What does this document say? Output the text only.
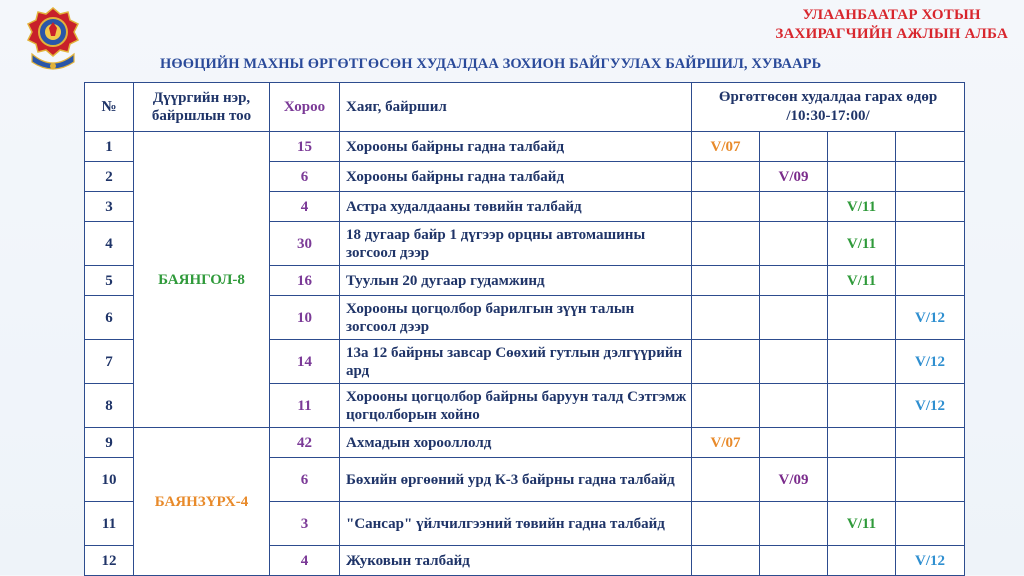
УЛААНБААТАР ХОТЫН
ЗАХИРАГЧИЙН АЖЛЫН АЛБА
НӨӨЦИЙН МАХНЫ ӨРГӨТГӨСӨН ХУДАЛДАА ЗОХИОН БАЙГУУЛАХ БАЙРШИЛ, ХУВААРЬ
№	Дүүргийн нэр, байршлын тоо	Хороо	Хаяг, байршил	Өргөтгөсөн худалдаа гарах өдөр
/10:30-17:00/			

1	БАЯНГОЛ-8	15	Хорооны байрны гадна талбайд	V/07			
2		6	Хорооны байрны гадна талбайд		V/09		
3		4	Астра худалдааны төвийн талбайд			V/11	
4		30	18 дугаар байр 1 дүгээр орцны автомашины зогсоол дээр			V/11	
5		16	Туулын 20 дугаар гудамжинд			V/11	
6		10	Хорооны цогцолбор барилгын зүүн талын зогсоол дээр				V/12
7		14	13а 12 байрны завсар Сөөхий гутлын дэлгүүрийн ард				V/12
8		11	Хорооны цогцолбор байрны баруун талд Сэтгэмж цогцолборын хойно				V/12
9	БАЯНЗҮРХ-4	42	Ахмадын хорооллолд	V/07			
10		6	Бөхийн өргөөний урд К-3 байрны гадна талбайд		V/09		
11		3	"Сансар" үйлчилгээний төвийн гадна талбайд			V/11	
12		4	Жуковын талбайд				V/12
